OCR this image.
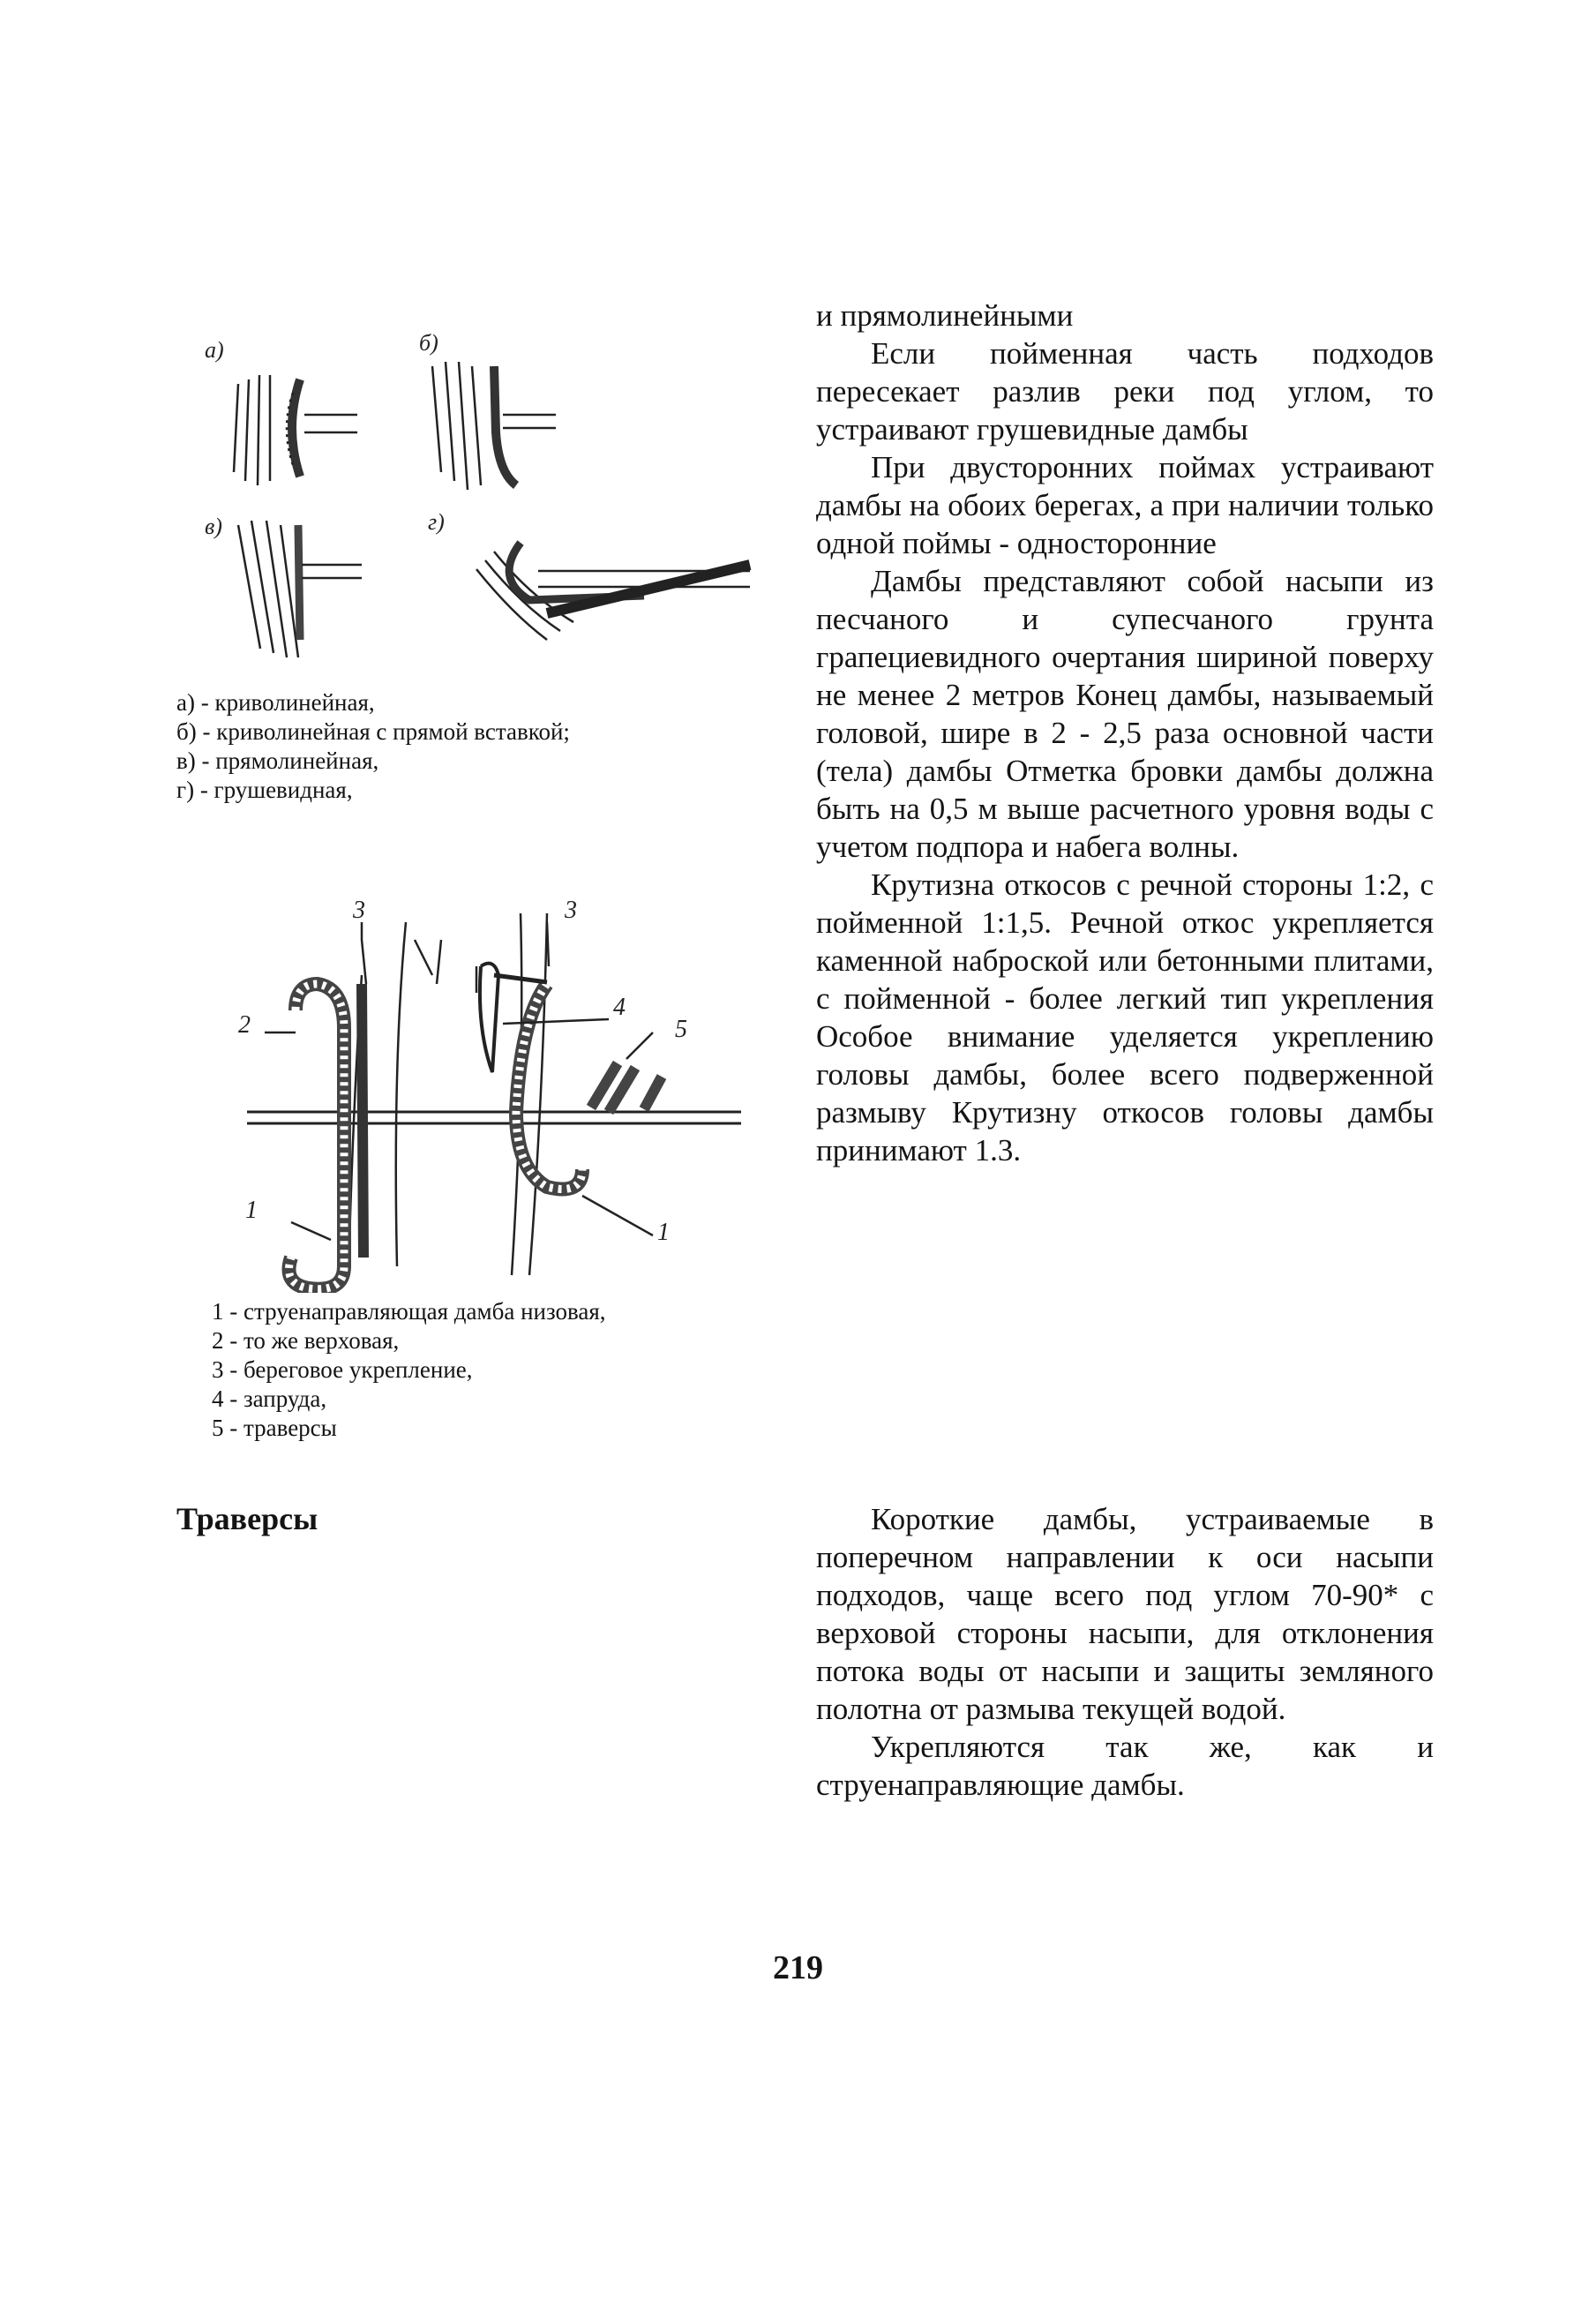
и прямолинейными

Если пойменная часть подходов пересекает разлив реки под углом, то устраивают грушевидные дамбы

При двусторонних поймах устраивают дамбы на обоих берегах, а при наличии только одной поймы - односторонние

Дамбы представляют собой насыпи из песчаного и супесчаного грунта грапециевидного очертания шириной поверху не менее 2 метров Конец дамбы, называемый головой, шире в 2 - 2,5 раза основной части (тела) дамбы Отметка бровки дамбы должна быть на 0,5 м выше расчетного уровня воды с учетом подпора и набега волны.

Крутизна откосов с речной стороны 1:2, с пойменной 1:1,5. Речной откос укрепляется каменной наброской или бетонными плитами, с пойменной - более легкий тип укрепления Особое внимание уделяется укреплению головы дамбы, более всего подверженной размыву Крутизну откосов головы дамбы принимают 1.3.

а)	б)
в)	г)
а) - криволинейная,
б) - криволинейная с прямой вставкой;
в) - прямолинейная,
г) - грушевидная,
2
3	3
4
5
1
1
1 - струенаправляющая дамба низовая,
2 - то же верховая,
3 - береговое укрепление,
4 - запруда,
5 - траверсы
Траверсы	Короткие дамбы, устраиваемые в поперечном направлении к оси насыпи подходов, чаще всего под углом 70-90* с верховой стороны насыпи, для отклонения потока воды от насыпи и защиты земляного полотна от размыва текущей водой.

Укрепляются так же, как и струенаправляющие дамбы.

219
